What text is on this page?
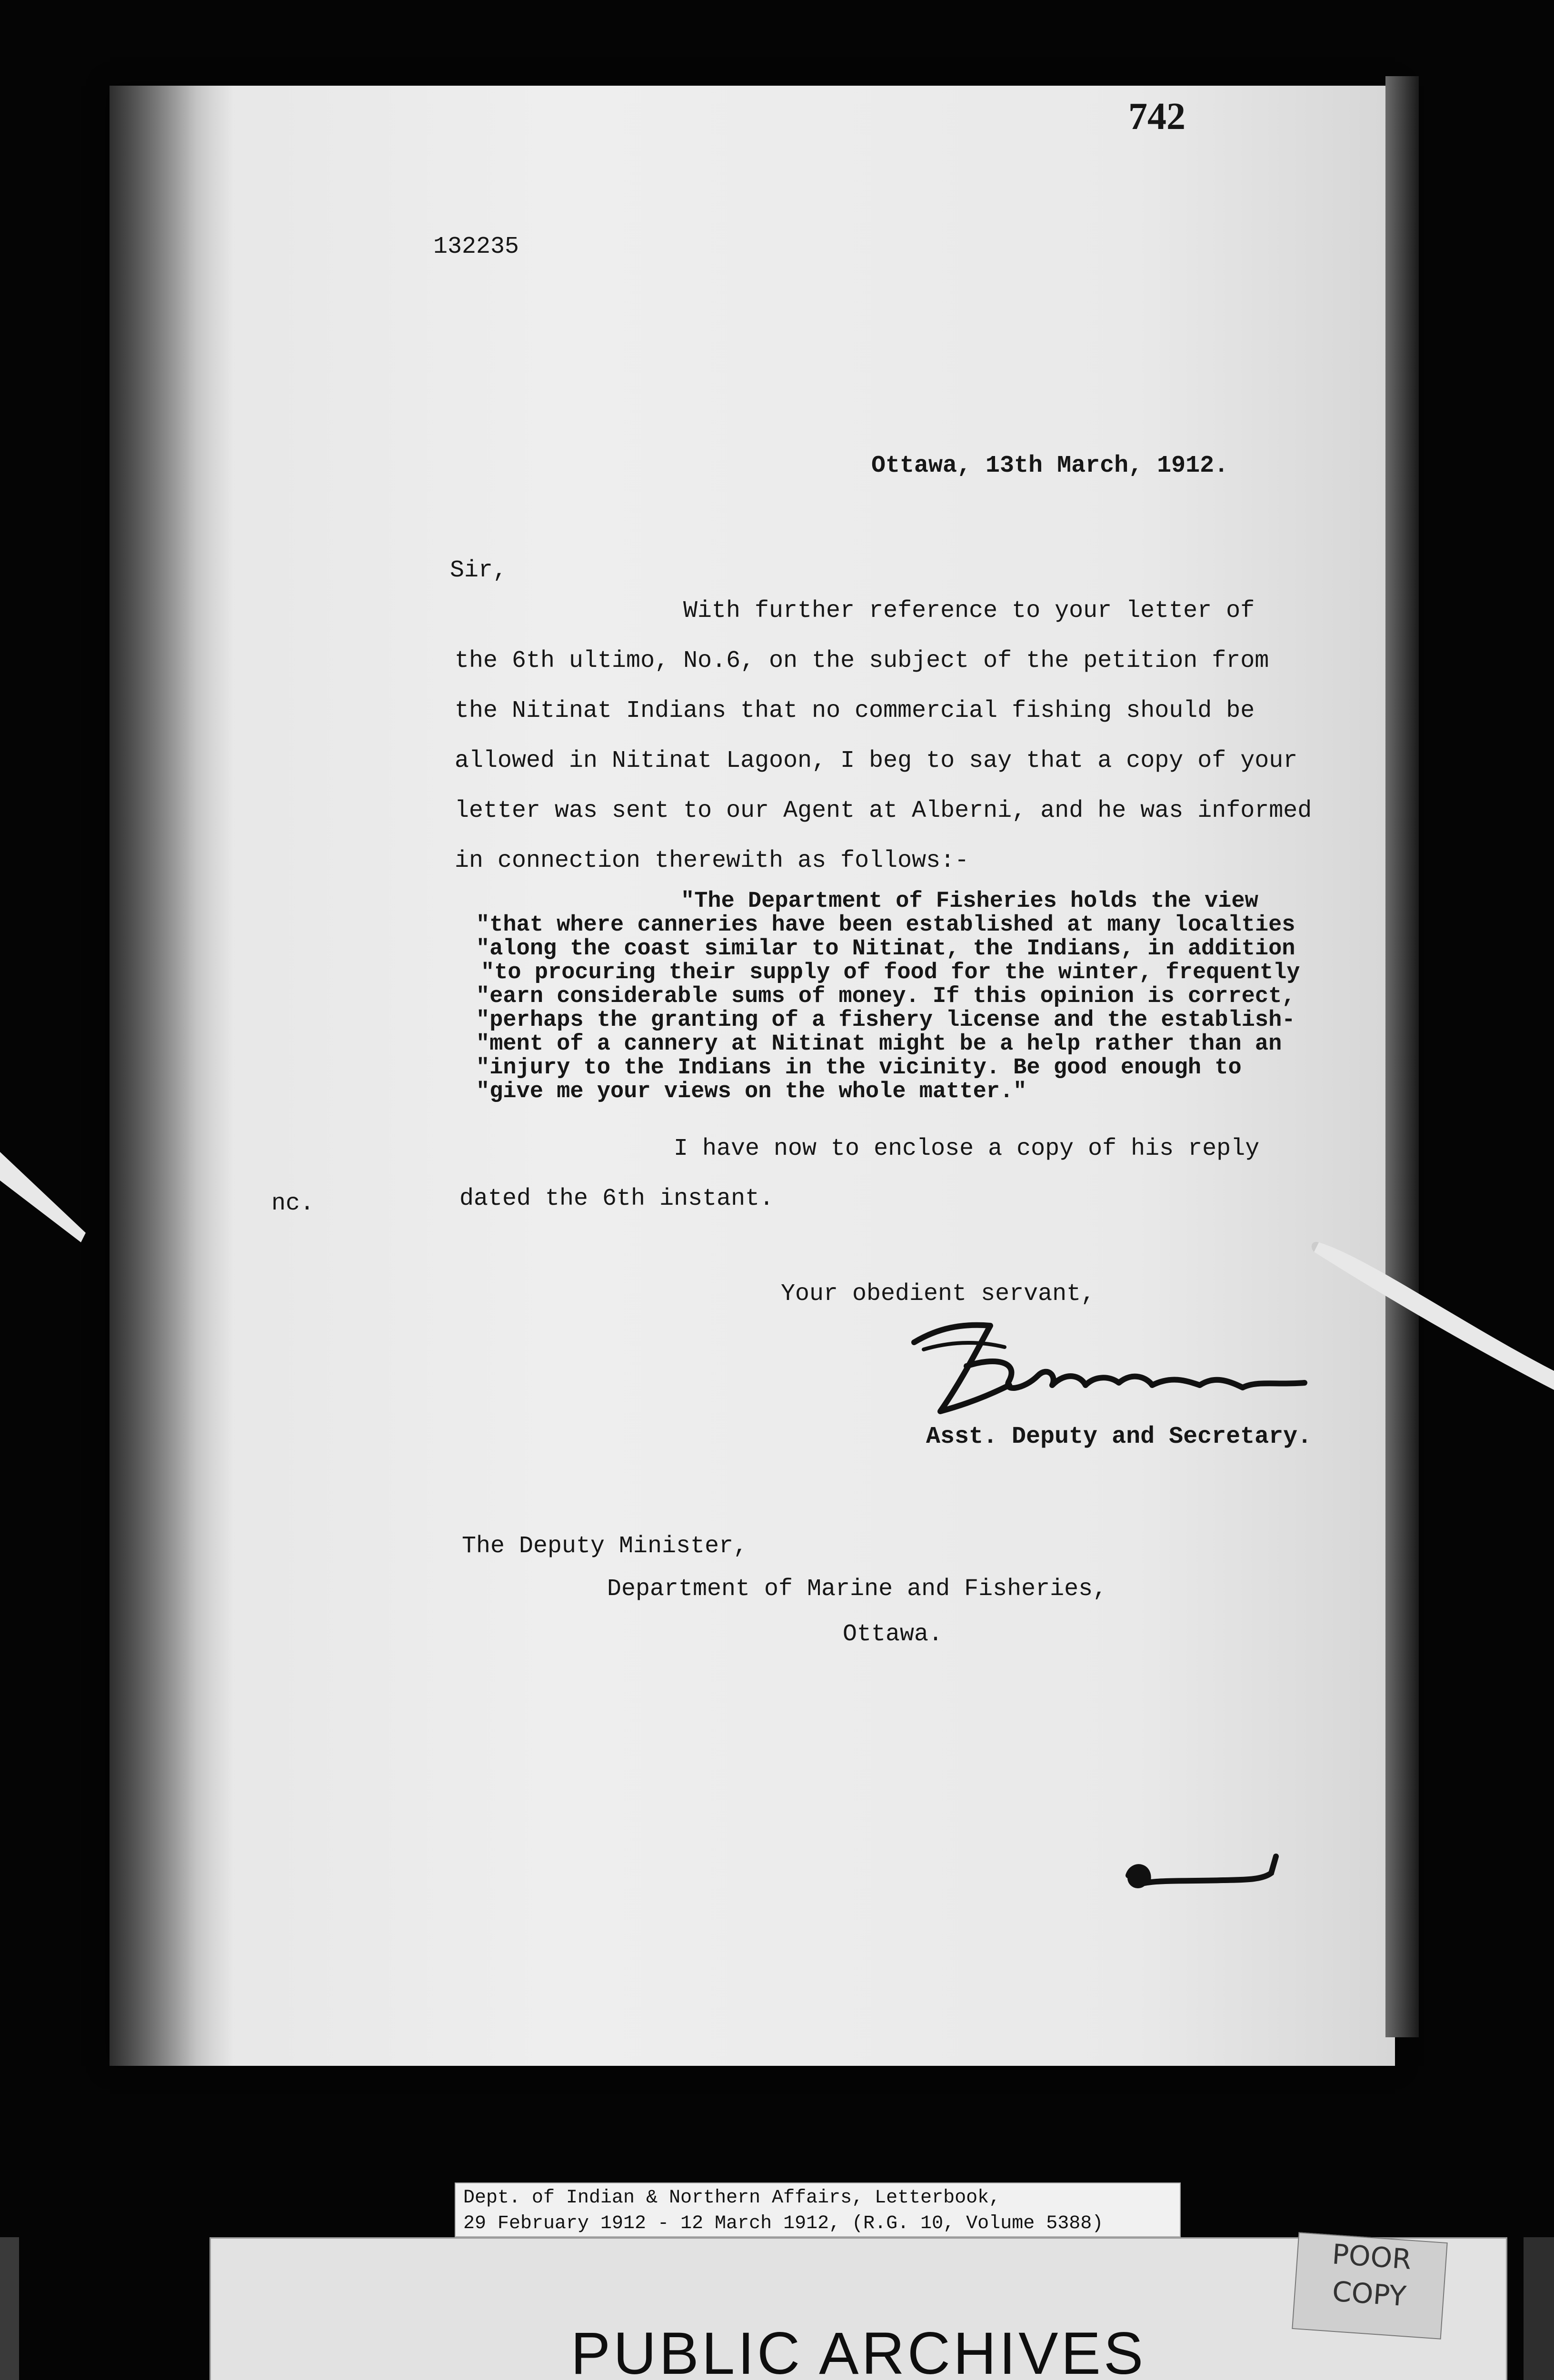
742
132235
Ottawa, 13th March, 1912.
Sir,
With further reference to your letter of
the 6th ultimo, No.6, on the subject of the petition from
the Nitinat Indians that no commercial fishing should be
allowed in Nitinat Lagoon, I beg to say that a copy of your
letter was sent to our Agent at Alberni, and he was informed
in connection therewith as follows:-
"The Department of Fisheries holds the view
"that where canneries have been established at many localties
"along the coast similar to Nitinat, the Indians, in addition
"to procuring their supply of food for the winter, frequently
"earn considerable sums of money. If this opinion is correct,
"perhaps the granting of a fishery license and the establish-
"ment of a cannery at Nitinat might be a help rather than an
"injury to the Indians in the vicinity. Be good enough to
"give me your views on the whole matter."
I have now to enclose a copy of his reply
nc.	dated the 6th instant.
Your obedient servant,
Asst. Deputy and Secretary.
The Deputy Minister,
Department of Marine and Fisheries,
Ottawa.
Dept. of Indian & Northern Affairs, Letterbook,
29 February 1912 - 12 March 1912, (R.G. 10, Volume 5388)
PUBLIC ARCHIVES
POOR
COPY
